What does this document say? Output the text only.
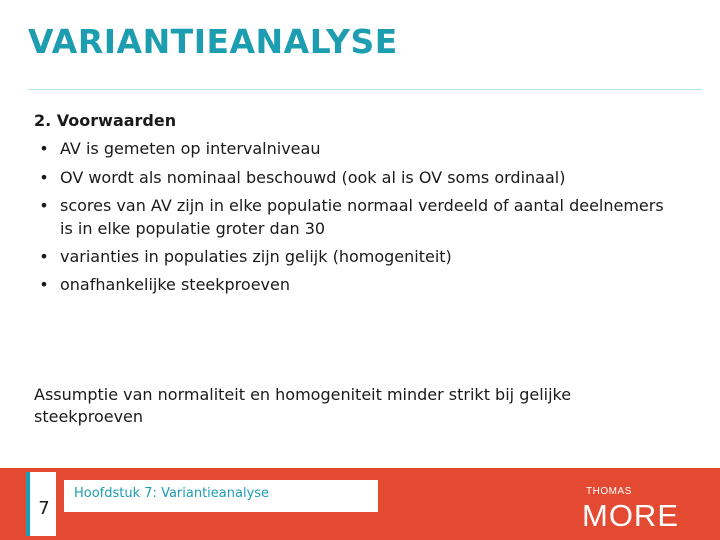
VARIANTIEANALYSE

2. Voorwaarden

• AV is gemeten op intervalniveau
• OV wordt als nominaal beschouwd (ook al is OV soms ordinaal)
• scores van AV zijn in elke populatie normaal verdeeld of aantal deelnemers is in elke populatie groter dan 30
• varianties in populaties zijn gelijk (homogeniteit)
• onafhankelijke steekproeven

Assumptie van normaliteit en homogeniteit minder strikt bij gelijke steekproeven

7
Hoofdstuk 7: Variantieanalyse	THOMAS
MORE
